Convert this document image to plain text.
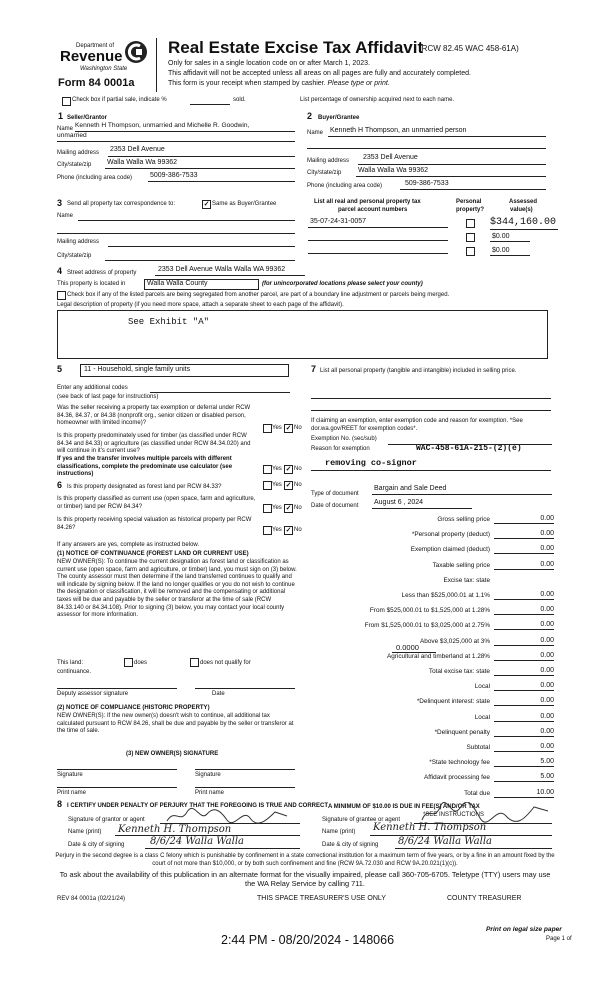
Department of
Revenue
Washington State
Form 84 0001a
Real Estate Excise Tax Affidavit
(RCW 82.45 WAC 458-61A)
Only for sales in a single location code on or after March 1, 2023.
This affidavit will not be accepted unless all areas on all pages are fully and accurately completed.
This form is your receipt when stamped by cashier. Please type or print.
Check box if partial sale, indicate %	sold.	List percentage of ownership acquired next to each name.
1 Seller/Grantor
Name Kenneth H Thompson, unmarried and Michelle R. Goodwin,
unmarried
Mailing address 2353 Dell Avenue
City/state/zip Walla Walla Wa 99362
Phone (including area code)	5009-386-7533
2 Buyer/Grantee
Name Kenneth H Thompson, an unmarried person
Mailing address 2353 Dell Avenue
City/state/zip Walla Walla Wa 99362
Phone (including area code)	509-386-7533
3 Send all property tax correspondence to:	✓ Same as Buyer/Grantee
Name
Mailing address
City/state/zip
List all real and personal property tax
parcel account numbers
Personal
property?
Assessed
value(s)
35-07-24-31-0057	$344,160.00
$0.00
$0.00
4 Street address of property	2353 Dell Avenue Walla Walla WA 99362
This property is located in	Walla Walla County	(for unincorporated locations please select your county)
Check box if any of the listed parcels are being segregated from another parcel, are part of a boundary line adjustment or parcels being merged.
Legal description of property (if you need more space, attach a separate sheet to each page of the affidavit).
See Exhibit "A"
5	11 - Household, single family units
Enter any additional codes
(see back of last page for instructions)
Was the seller receiving a property tax exemption or deferral under RCW 84.36, 84.37, or 84.38 (nonprofit org., senior citizen or disabled person, homeowner with limited income)?
Yes ✓ No
Is this property predominately used for timber (as classified under RCW 84.34 and 84.33) or agriculture (as classified under RCW 84.34.020) and will continue in it's current use?
If yes and the transfer involves multiple parcels with different classifications, complete the predominate use calculator (see instructions)
Yes ✓ No
6 Is this property designated as forest land per RCW 84.33?	Yes ✓ No
Is this property classified as current use (open space, farm and agriculture, or timber) land per RCW 84.34?	Yes ✓ No
Is this property receiving special valuation as historical property per RCW 84.26?	Yes ✓ No
If any answers are yes, complete as instructed below.
(1) NOTICE OF CONTINUANCE (FOREST LAND OR CURRENT USE)
NEW OWNER(S): To continue the current designation as forest land or classification as current use (open space, farm and agriculture, or timber) land, you must sign on (3) below. The county assessor must then determine if the land transferred continues to qualify and will indicate by signing below. If the land no longer qualifies or you do not wish to continue the designation or classification, it will be removed and the compensating or additional taxes will be due and payable by the seller or transferor at the time of sale (RCW 84.33.140 or 84.34.108). Prior to signing (3) below, you may contact your local county assessor for more information.
This land:	does	does not qualify for
continuance.
Deputy assessor signature	Date
(2) NOTICE OF COMPLIANCE (HISTORIC PROPERTY)
NEW OWNER(S): If the new owner(s) doesn't wish to continue, all additional tax calculated pursuant to RCW 84.26, shall be due and payable by the seller or transferor at the time of sale.
(3) NEW OWNER(S) SIGNATURE
Signature	Signature
Print name	Print name
7 List all personal property (tangible and intangible) included in selling price.
If claiming an exemption, enter exemption code and reason for exemption. *See dor.wa.gov/REET for exemption codes*.
Exemption No. (sec/sub)
Reason for exemption	WAC-458-61A-215-(2)(e)
removing co-signor
Type of document
Bargain and Sale Deed
Date of document August 6 , 2024
Gross selling price	0.00
*Personal property (deduct)	0.00
Exemption claimed (deduct)	0.00
Taxable selling price	0.00
Excise tax: state
Less than $525,000.01 at 1.1%	0.00
From $525,000.01 to $1,525,000 at 1.28%	0.00
From $1,525,000.01 to $3,025,000 at 2.75%	0.00
Above $3,025,000 at 3%	0.00
Agricultural and timberland at 1.28%	0.00
Total excise tax: state	0.00
Local	0.00
*Delinquent interest: state	0.00
Local	0.00
*Delinquent penalty	0.00
Subtotal	0.00
*State technology fee	5.00
Affidavit processing fee	5.00
Total due	10.00
0.0000
A MINIMUM OF $10.00 IS DUE IN FEE(S) AND/OR TAX
*SEE INSTRUCTIONS
8 I CERTIFY UNDER PENALTY OF PERJURY THAT THE FOREGOING IS TRUE AND CORRECT
Signature of grantor or agent
Name (print) Kenneth H. Thompson
Date & city of signing	8/6/24 Walla Walla
Signature of grantee or agent
Name (print) Kenneth H. Thompson
Date & city of signing 8/6/24 Walla Walla
Perjury in the second degree is a class C felony which is punishable by confinement in a state correctional institution for a maximum term of five years, or by a fine in an amount fixed by the court of not more than $10,000, or by both such confinement and fine (RCW 9A.72.030 and RCW 9A.20.021(1)(c)).
To ask about the availability of this publication in an alternate format for the visually impaired, please call 360-705-6705. Teletype (TTY) users may use the WA Relay Service by calling 711.
REV 84 0001a (02/21/24)	THIS SPACE TREASURER'S USE ONLY	COUNTY TREASURER
2:44 PM - 08/20/2024 - 148066
Print on legal size paper
Page 1 of
